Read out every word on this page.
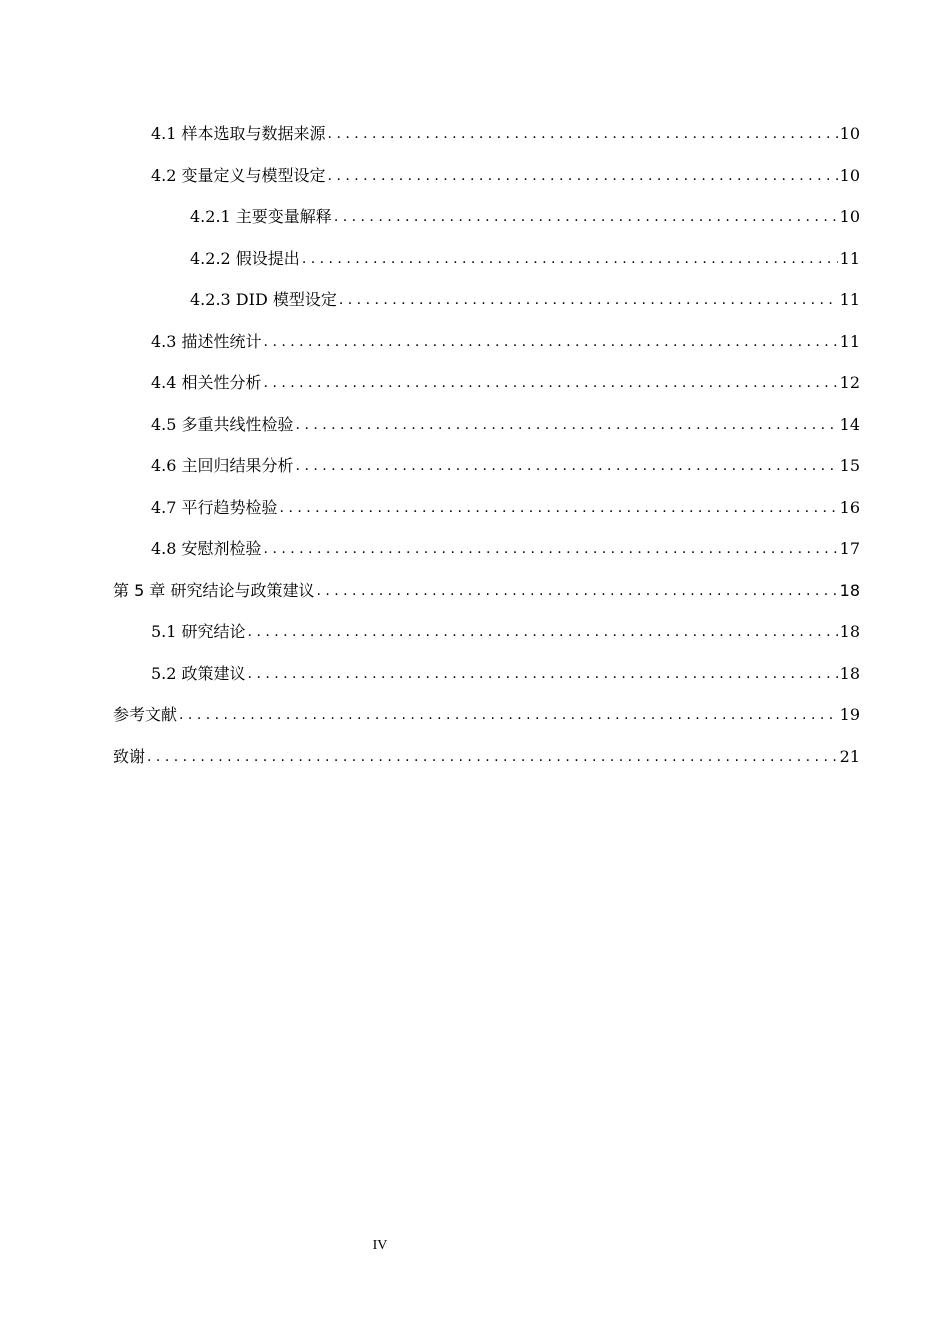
4.1 样本选取与数据来源 . . .	10
4.2 变量定义与模型设定 . . .	10
4.2.1 主要变量解释 . . .	10
4.2.2 假设提出 . . .	11
4.2.3 DID 模型设定 . . .	11
4.3 描述性统计 . . .	11
4.4 相关性分析 . . .	12
4.5 多重共线性检验 . . .	14
4.6 主回归结果分析 . . .	15
4.7 平行趋势检验 . . .	16
4.8 安慰剂检验 . . .	17
第 5 章 研究结论与政策建议 . . .	18
5.1 研究结论 . . .	18
5.2 政策建议 . . .	18
参考文献 . . .	19
致谢 . . .	21
IV
